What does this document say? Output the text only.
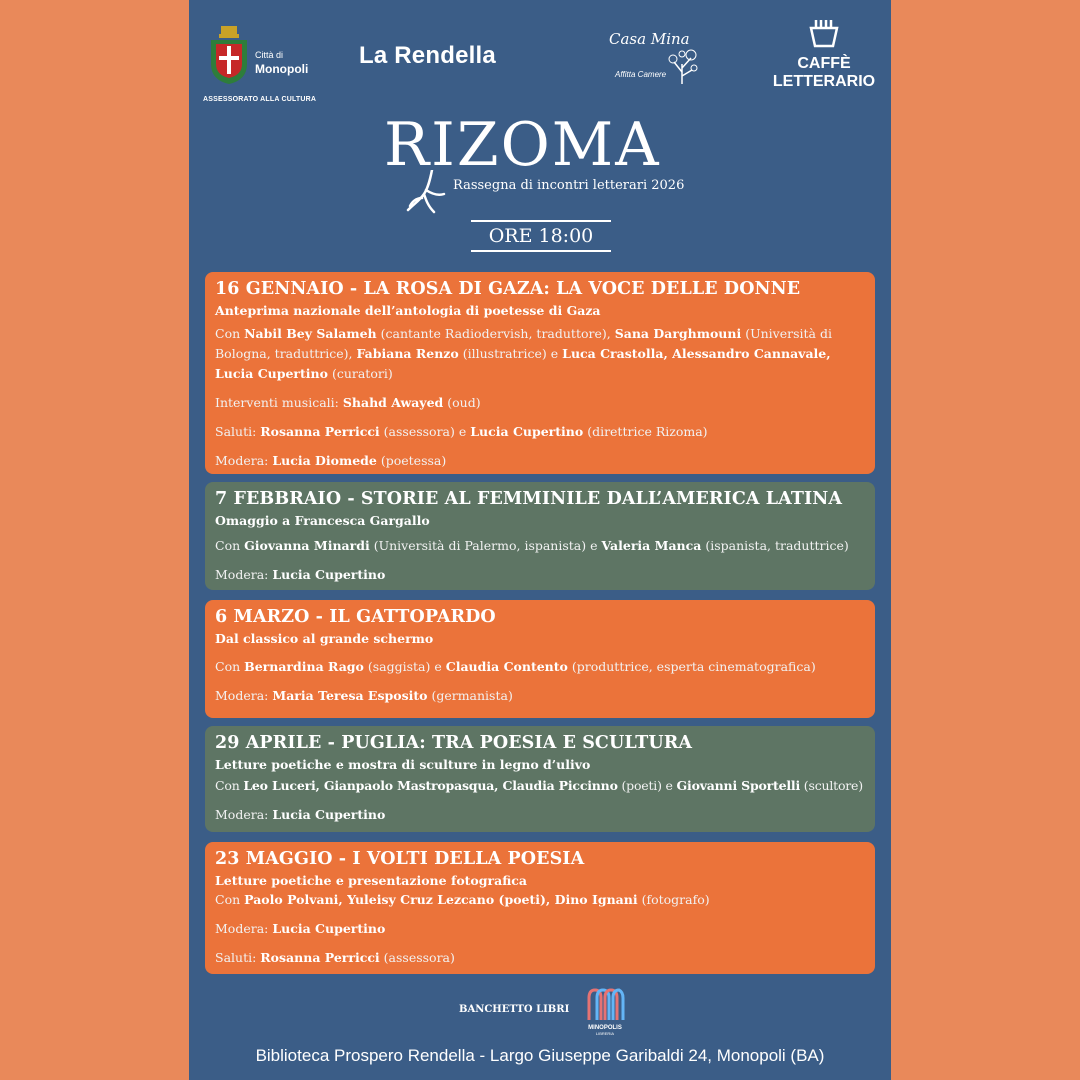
Città di
Monopoli
ASSESSORATO ALLA CULTURA
La Rendella
Casa Mina
Affitta Camere
CAFFÈ
LETTERARIO
RIZOMA
Rassegna di incontri letterari 2026
ORE 18:00
16 GENNAIO - LA ROSA DI GAZA: LA VOCE DELLE DONNE
Anteprima nazionale dell’antologia di poetesse di Gaza
Con Nabil Bey Salameh (cantante Radiodervish, traduttore), Sana Darghmouni (Università di Bologna, traduttrice), Fabiana Renzo (illustratrice) e Luca Crastolla, Alessandro Cannavale, Lucia Cupertino (curatori)
Interventi musicali: Shahd Awayed (oud)
Saluti: Rosanna Perricci (assessora) e Lucia Cupertino (direttrice Rizoma)
Modera: Lucia Diomede (poetessa)
7 FEBBRAIO - STORIE AL FEMMINILE DALL’AMERICA LATINA
Omaggio a Francesca Gargallo
Con Giovanna Minardi (Università di Palermo, ispanista) e Valeria Manca (ispanista, traduttrice)
Modera: Lucia Cupertino
6 MARZO - IL GATTOPARDO
Dal classico al grande schermo
Con Bernardina Rago (saggista) e Claudia Contento (produttrice, esperta cinematografica)
Modera: Maria Teresa Esposito (germanista)
29 APRILE - PUGLIA: TRA POESIA E SCULTURA
Letture poetiche e mostra di sculture in legno d’ulivo
Con Leo Luceri, Gianpaolo Mastropasqua, Claudia Piccinno (poeti) e Giovanni Sportelli (scultore)
Modera: Lucia Cupertino
23 MAGGIO - I VOLTI DELLA POESIA
Letture poetiche e presentazione fotografica
Con Paolo Polvani, Yuleisy Cruz Lezcano (poeti), Dino Ignani (fotografo)
Modera: Lucia Cupertino
Saluti: Rosanna Perricci (assessora)
BANCHETTO LIBRI
MINOPOLIS
LIBRERIA
Biblioteca Prospero Rendella - Largo Giuseppe Garibaldi 24, Monopoli (BA)
